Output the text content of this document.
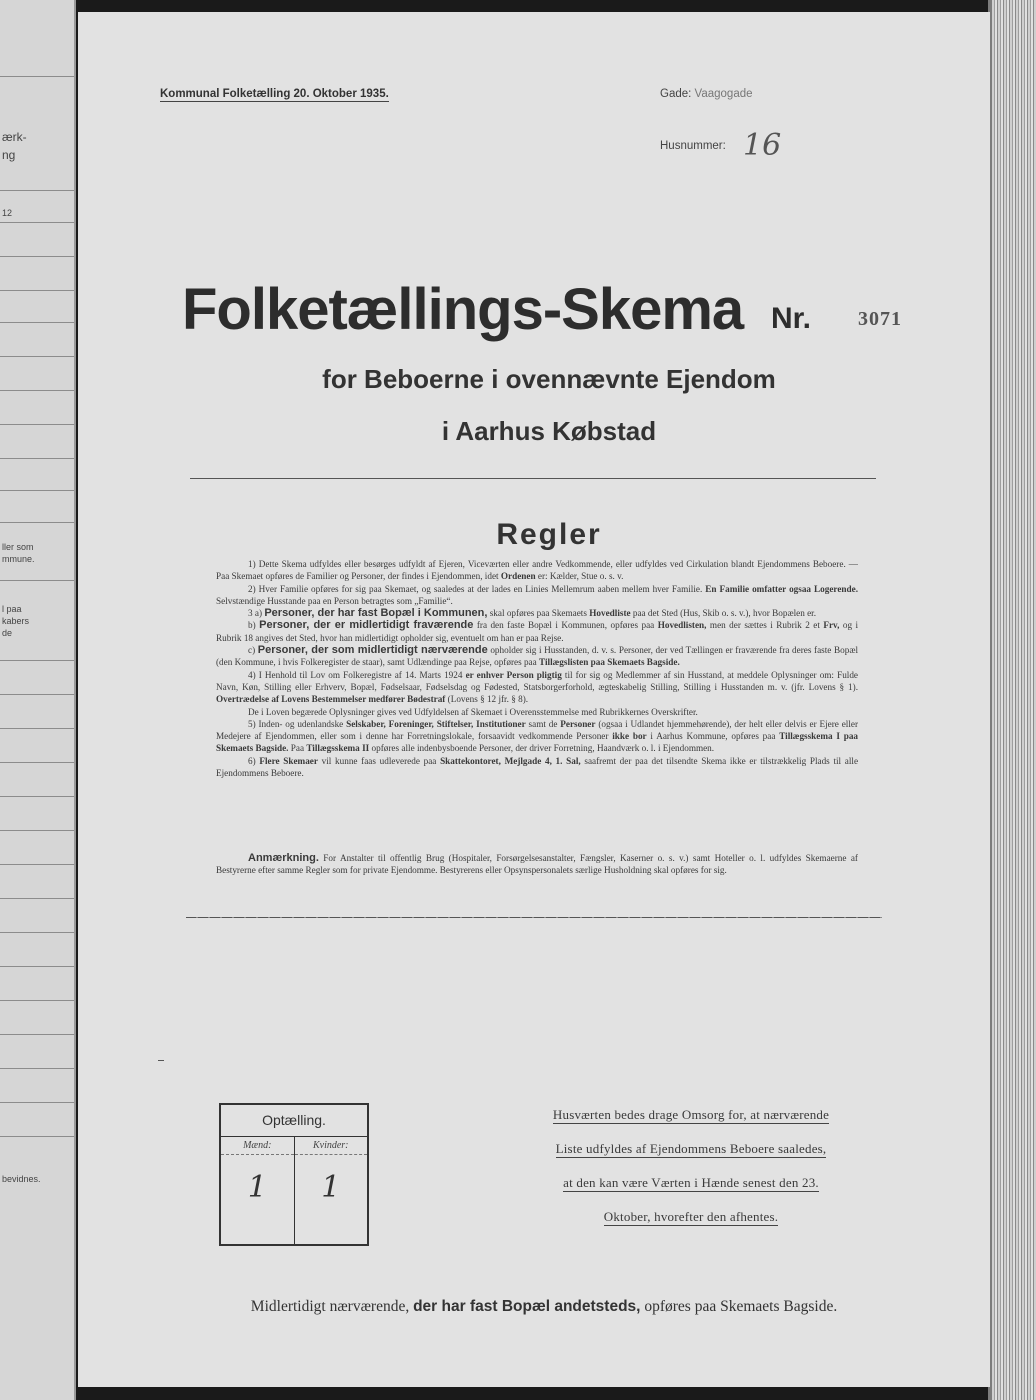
ærk-
ng
12
ller som
mmune.
l paa
kabers
de
bevidnes.
Kommunal Folketælling 20. Oktober 1935.	Gade: Vaagogade
Husnummer: 16
Folketællings-Skema Nr. 3071
for Beboerne i ovennævnte Ejendom
i Aarhus Købstad
Regler

1) Dette Skema udfyldes eller besørges udfyldt af Ejeren, Viceværten eller andre Vedkommende, eller udfyldes ved Cirkulation blandt Ejendommens Beboere. — Paa Skemaet opføres de Familier og Personer, der findes i Ejendommen, idet Ordenen er: Kælder, Stue o. s. v.

2) Hver Familie opføres for sig paa Skemaet, og saaledes at der lades en Linies Mellemrum aaben mellem hver Familie. En Familie omfatter ogsaa Logerende. Selvstændige Husstande paa en Person betragtes som „Familie“.

3 a) Personer, der har fast Bopæl i Kommunen, skal opføres paa Skemaets Hovedliste paa det Sted (Hus, Skib o. s. v.), hvor Bopælen er.

b) Personer, der er midlertidigt fraværende fra den faste Bopæl i Kommunen, opføres paa Hovedlisten, men der sættes i Rubrik 2 et Frv, og i Rubrik 18 angives det Sted, hvor han midlertidigt opholder sig, eventuelt om han er paa Rejse.

c) Personer, der som midlertidigt nærværende opholder sig i Husstanden, d. v. s. Personer, der ved Tællingen er fraværende fra deres faste Bopæl (den Kommune, i hvis Folkeregister de staar), samt Udlændinge paa Rejse, opføres paa Tillægslisten paa Skemaets Bagside.

4) I Henhold til Lov om Folkeregistre af 14. Marts 1924 er enhver Person pligtig til for sig og Medlemmer af sin Husstand, at meddele Oplysninger om: Fulde Navn, Køn, Stilling eller Erhverv, Bopæl, Fødselsaar, Fødselsdag og Fødested, Statsborgerforhold, ægteskabelig Stilling, Stilling i Husstanden m. v. (jfr. Lovens § 1). Overtrædelse af Lovens Bestemmelser medfører Bødestraf (Lovens § 12 jfr. § 8).

De i Loven begærede Oplysninger gives ved Udfyldelsen af Skemaet i Overensstemmelse med Rubrikkernes Overskrifter.

5) Inden- og udenlandske Selskaber, Foreninger, Stiftelser, Institutioner samt de Personer (ogsaa i Udlandet hjemmehørende), der helt eller delvis er Ejere eller Medejere af Ejendommen, eller som i denne har Forretningslokale, forsaavidt vedkommende Personer ikke bor i Aarhus Kommune, opføres paa Tillægsskema I paa Skemaets Bagside. Paa Tillægsskema II opføres alle indenbysboende Personer, der driver Forretning, Haandværk o. l. i Ejendommen.

6) Flere Skemaer vil kunne faas udleverede paa Skattekontoret, Mejlgade 4, 1. Sal, saafremt der paa det tilsendte Skema ikke er tilstrækkelig Plads til alle Ejendommens Beboere.

Anmærkning. For Anstalter til offentlig Brug (Hospitaler, Forsørgelsesanstalter, Fængsler, Kaserner o. s. v.) samt Hoteller o. l. udfyldes Skemaerne af Bestyrerne efter samme Regler som for private Ejendomme. Bestyrerens eller Opsynspersonalets særlige Husholdning skal opføres for sig.

Optælling.
Mænd:
1
Kvinder:
1
Husværten bedes drage Omsorg for, at nærværende
Liste udfyldes af Ejendommens Beboere saaledes,
at den kan være Værten i Hænde senest den 23.
Oktober, hvorefter den afhentes.
Midlertidigt nærværende, der har fast Bopæl andetsteds, opføres paa Skemaets Bagside.
